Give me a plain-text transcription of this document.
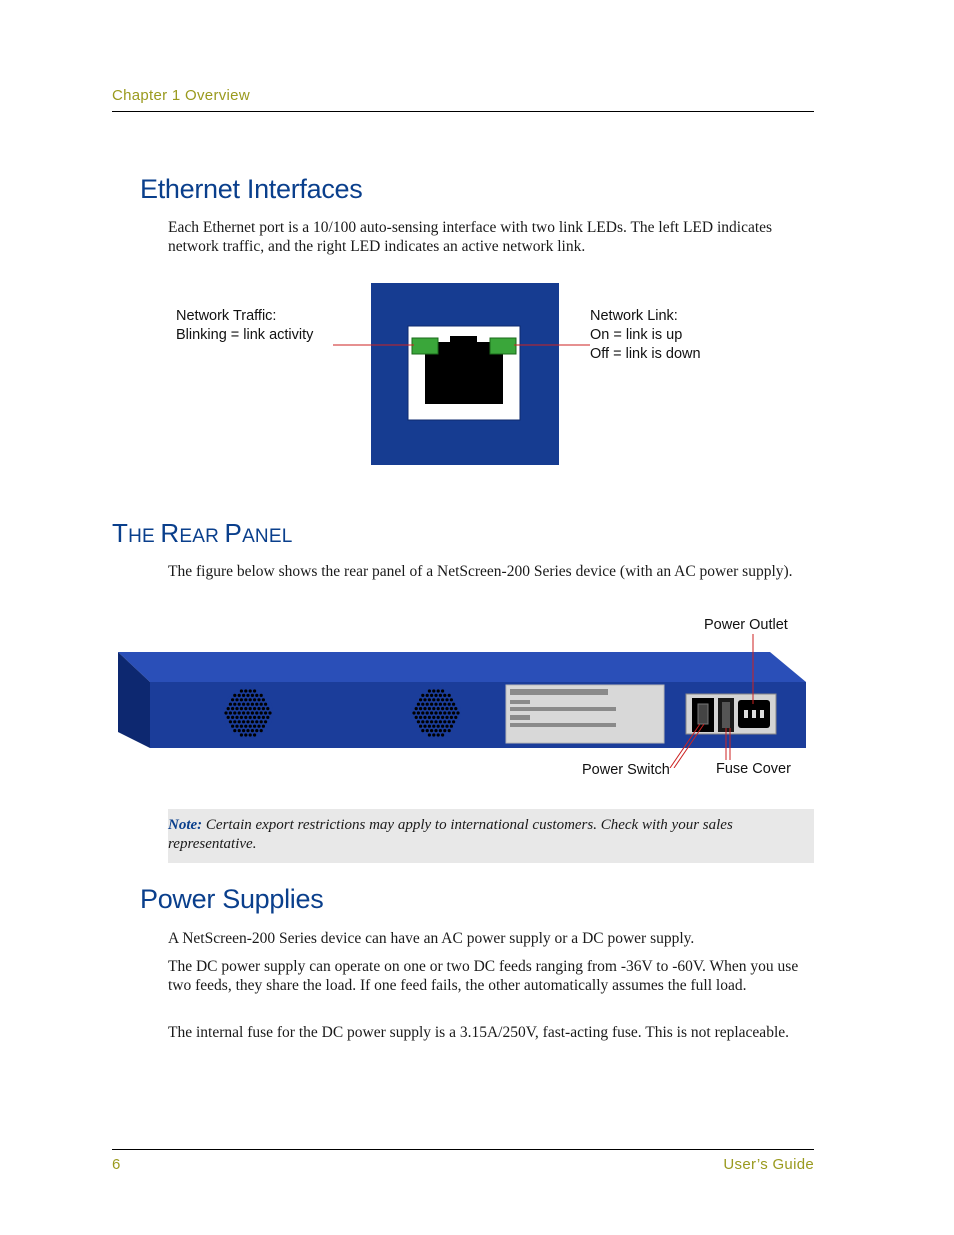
Chapter 1 Overview
Ethernet Interfaces
Each Ethernet port is a 10/100 auto-sensing interface with two link LEDs. The left LED indicates network traffic, and the right LED indicates an active network link.
Network Traffic:
Blinking = link activity
Network Link:
On = link is up
Off = link is down
THE REAR PANEL
The figure below shows the rear panel of a NetScreen-200 Series device (with an AC power supply).
Power Outlet
Power Switch	Fuse Cover
Note: Certain export restrictions may apply to international customers. Check with your sales representative.
Power Supplies
A NetScreen-200 Series device can have an AC power supply or a DC power supply.
The DC power supply can operate on one or two DC feeds ranging from -36V to -60V. When you use two feeds, they share the load. If one feed fails, the other automatically assumes the full load.
The internal fuse for the DC power supply is a 3.15A/250V, fast-acting fuse. This is not replaceable.
6	User’s Guide
